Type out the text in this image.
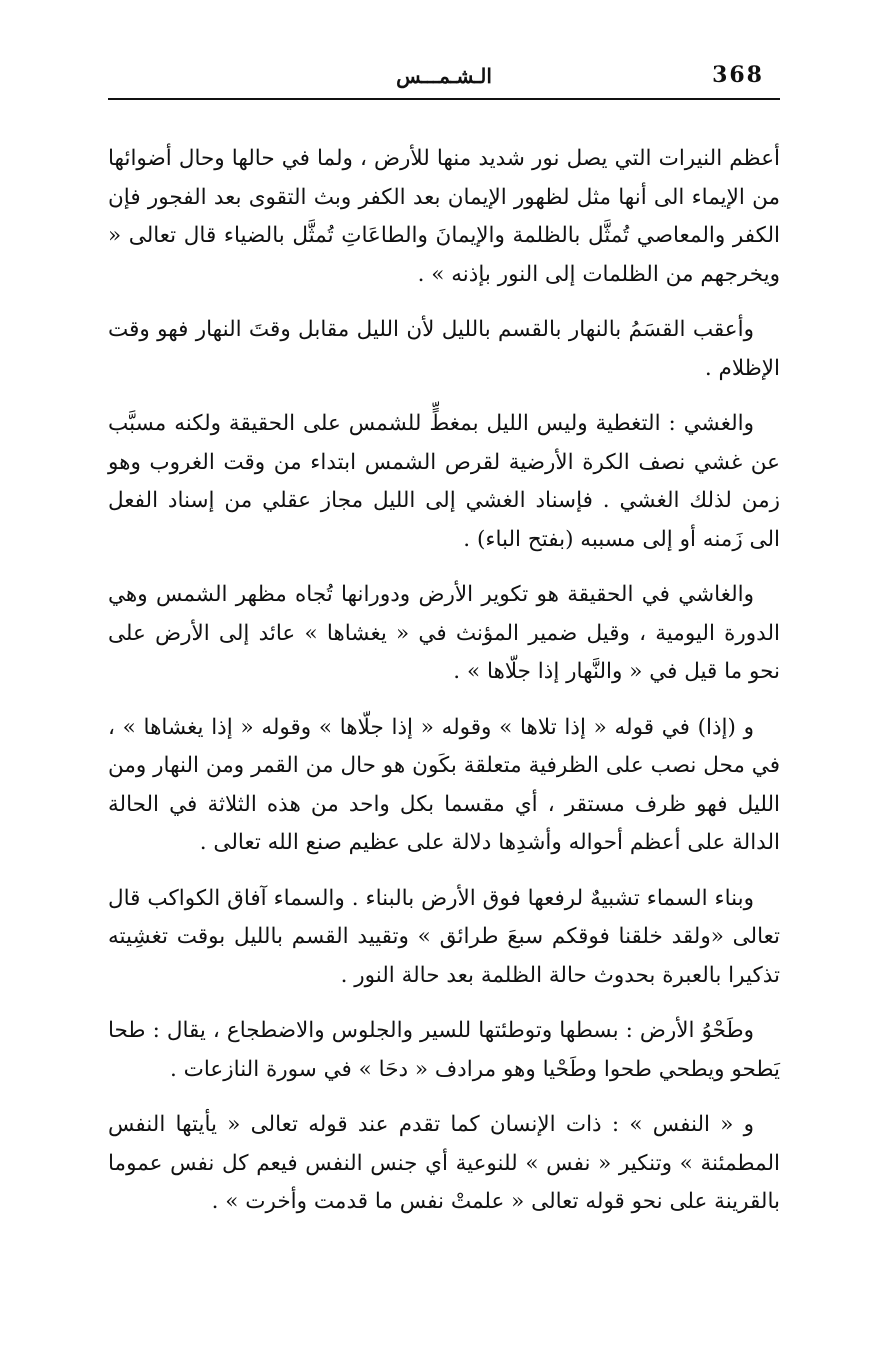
368
الـشـمـــس

أعظم النيرات التي يصل نور شديد منها للأرض ، ولما في حالها وحال أضوائها من الإيماء الى أنها مثل لظهور الإيمان بعد الكفر وبث التقوى بعد الفجور فإن الكفر والمعاصي تُمثَّل بالظلمة والإيمانَ والطاعَاتِ تُمثَّل بالضياء قال تعالى « ويخرجهم من الظلمات إلى النور بإذنه » .

وأعقب القسَمُ بالنهار بالقسم بالليل لأن الليل مقابل وقتَ النهار فهو وقت الإظلام .

والغشي : التغطية وليس الليل بمغطٍّ للشمس على الحقيقة ولكنه مسبَّب عن غشي نصف الكرة الأرضية لقرص الشمس ابتداء من وقت الغروب وهو زمن لذلك الغشي . فإسناد الغشي إلى الليل مجاز عقلي من إسناد الفعل الى زَمنه أو إلى مسببه (بفتح الباء) .

والغاشي في الحقيقة هو تكوير الأرض ودورانها تُجاه مظهر الشمس وهي الدورة اليومية ، وقيل ضمير المؤنث في « يغشاها » عائد إلى الأرض على نحو ما قيل في « والنَّهار إذا جلّاها » .

و (إذا) في قوله « إذا تلاها » وقوله « إذا جلّاها » وقوله « إذا يغشاها » ، في محل نصب على الظرفية متعلقة بكَون هو حال من القمر ومن النهار ومن الليل فهو ظرف مستقر ، أي مقسما بكل واحد من هذه الثلاثة في الحالة الدالة على أعظم أحواله وأشدِها دلالة على عظيم صنع الله تعالى .

وبناء السماء تشبيهٌ لرفعها فوق الأرض بالبناء . والسماء آفاق الكواكب قال تعالى «ولقد خلقنا فوقكم سبعَ طرائق » وتقييد القسم بالليل بوقت تغشِيته تذكيرا بالعبرة بحدوث حالة الظلمة بعد حالة النور .

وطَحْوُ الأرض : بسطها وتوطئتها للسير والجلوس والاضطجاع ، يقال : طحا يَطحو ويطحي طحوا وطَحْيا وهو مرادف « دحَا » في سورة النازعات .

و « النفس » : ذات الإنسان كما تقدم عند قوله تعالى « يأيتها النفس المطمئنة » وتنكير « نفس » للنوعية أي جنس النفس فيعم كل نفس عموما بالقرينة على نحو قوله تعالى « علمتْ نفس ما قدمت وأخرت » .
